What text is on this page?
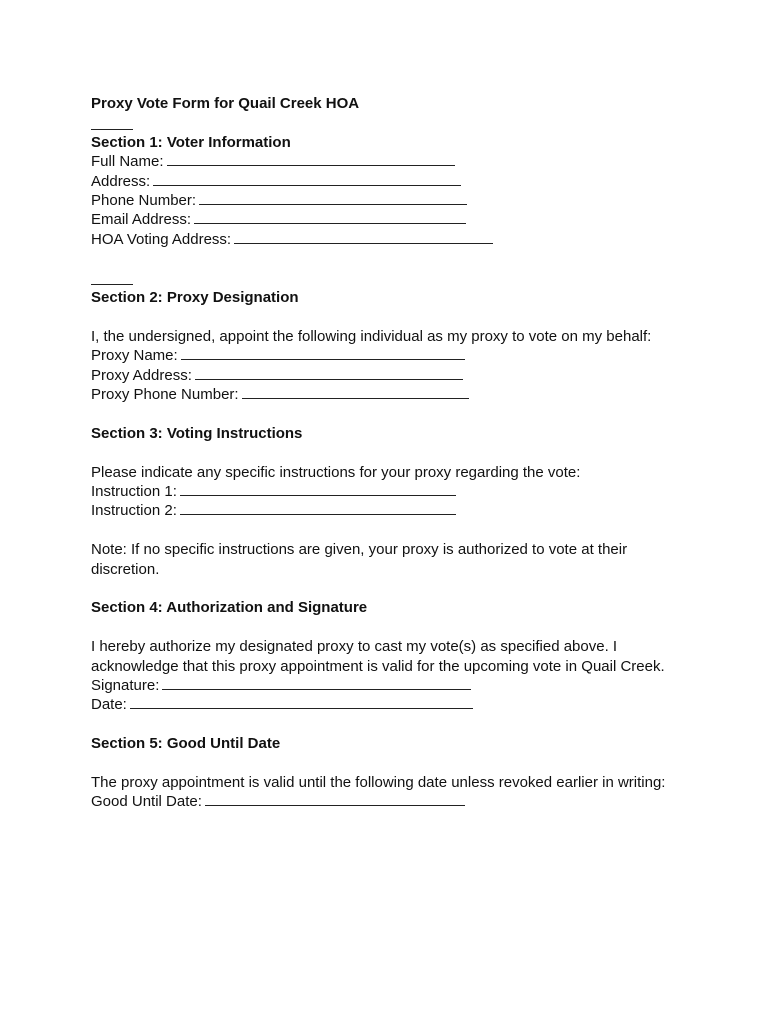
Proxy Vote Form for Quail Creek HOA
Section 1: Voter Information
Full Name:
Address:
Phone Number:
Email Address:
HOA Voting Address:
Section 2: Proxy Designation
I, the undersigned, appoint the following individual as my proxy to vote on my behalf:
Proxy Name:
Proxy Address:
Proxy Phone Number:
Section 3: Voting Instructions
Please indicate any specific instructions for your proxy regarding the vote:
Instruction 1:
Instruction 2:
Note: If no specific instructions are given, your proxy is authorized to vote at their discretion.
Section 4: Authorization and Signature
I hereby authorize my designated proxy to cast my vote(s) as specified above. I acknowledge that this proxy appointment is valid for the upcoming vote in Quail Creek.
Signature:
Date:
Section 5: Good Until Date
The proxy appointment is valid until the following date unless revoked earlier in writing:
Good Until Date:
